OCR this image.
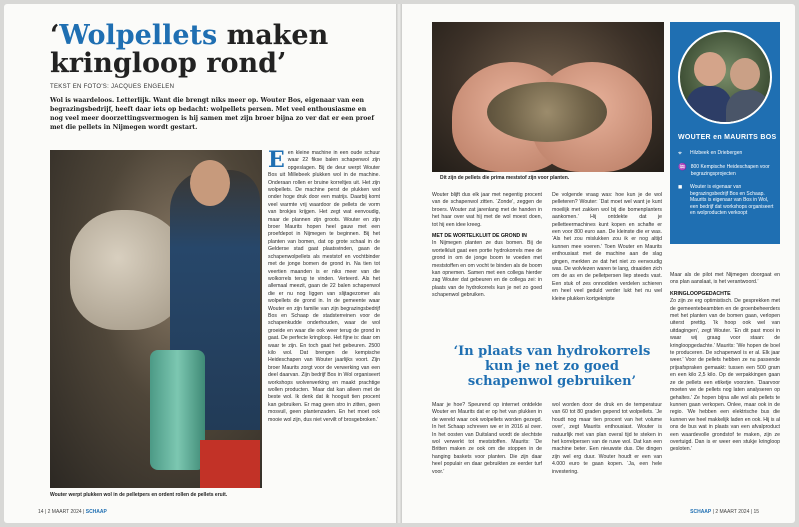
‘Wolpellets maken kringloop rond’
TEKST EN FOTO'S: JACQUES ENGELEN

Wol is waardeloos. Letterlijk. Want die brengt niks meer op. Wouter Bos, eigenaar van een begrazingsbedrijf, heeft daar iets op bedacht: wolpellets persen. Met veel enthousiasme en nog veel meer doorzettingsvermogen is hij samen met zijn broer bijna zo ver dat er een proef met die pellets in Nijmegen wordt gestart.

Wouter werpt plukken wol in de pelletpers en ordent rollen de pellets eruit.
Een kleine machine in een oude schuur waar 22 fikse balen schapenwol zijn opgeslagen. Bij de deur werpt Wouter Bos uit Millebeek plukken wol in de machine. Onderaan rollen er bruine korreltjes uit. Het zijn wolpellets. De machine perst de plukken wol onder hoge druk door een matrijs. Daarbij komt veel warmte vrij waardoor de pellets de vorm van brokjes krijgen. Het zegt wat eenvoudig, maar de plannen zijn groots. Wouter en zijn broer Maurits hopen heel gauw met een proefdepot in Nijmegen te beginnen. Bij het planten van bomen, dat op grote schaal in de Gelderse stad gaat plaatsvinden, gaan de schapenwolpellets als meststof en vochtbinder met de jonge bomen de grond in. Na tien tot veertien maanden is er niks meer van die wolkorrels terug te vinden. Verteerd. Als het allemaal meezit, gaan de 22 balen schapenwol die er nu nog liggen van slijtagezomer als wolpellets de grond in. In de gemeente waar Wouter en zijn familie van zijn begrazingsbedrijf Bos en Schaap de stadsterreinen voor de schapenkudde onderhouden, waar de wol groeide en waar die ook weer terug de grond in gaat. De perfecte kringloop. Het fijne is: daar om waar te zijn. En toch gaat het gebeuren. 2500 kilo wol. Dat brengen de kempische Heideschapen van Wouter jaarlijks voort. Zijn broer Maurits zorgt voor de verwerking van een deel daarvan. Zijn bedrijf Bos in Wol organiseert workshops wolverwerking en maakt prachtige wollen producten. ‘Maar dat kan alleen met de beste wol. Ik denk dat ik hooguit tien procent kan gebruiken. Er mag geen stro in zitten, geen mosvuil, geen plantenzaden. En het moet ook mooie wol zijn, dus niet vervilt of brosgebroken.’
14 | 2 MAART 2024 | SCHAAP
Dit zijn de pellets die prima meststof zijn voor planten.
WOUTER en MAURITS BOS
⌖	Hilzbeek en Driebergen
♒ 800 Kempische Heideschapen voor begrazingsprojecten
■	Wouter is eigenaar van begrazingsbedrijf Bos en Schaap. Maurits is eigenaar van Bos in Wol, een bedrijf dat workshops organiseert en wolproducten verkoopt

Wouter blijft dus elk jaar met negentig procent van de schapenwol zitten. ‘Zonde’, zeggen de broers. Wouter zat jarenlang met de handen in het haar over wat hij met de wol moest doen, tot hij een idee kreeg.

MET DE WORTELKLUIT DE GROND IN

In Nijmegen planten ze dus bomen. Bij de wortelkluit gaat een portie hydrokorrels mee de grond in om de jonge boom te voeden met meststoffen en om vocht te binden als de boom kan opnemen. Samen met een collega hierder zag Wouter dat gebeuren en de collega zei: in plaats van de hydrokorrels kun je net zo goed schapenwol gebruiken.

De volgende vraag was: hoe kun je de wol pelleteren? Wouter: ‘Dat moet wel want je kunt moeilijk met zakken wol bij die bomenplanters aankomen.’ Hij ontdekte dat je pelletteermachines kunt kopen en schafte er een voor 800 euro aan. De kleinste die er was. ‘Als het zou mislukken zou ik er nog altijd kunnen mee voeren.’ Toen Wouter en Maurits enthousiast met de machine aan de slag gingen, merkten ze dat het niet zo eenvoudig was. De wolvlezen waren te lang, draaiden zich om de as en de pelletpersen liep steeds vast. Een stuk of zes onnodiden verdelen schieren en heel veel geduld verder lukt het nu wel kleine plukken kortgeknipte

Maar als de pilot met Nijmegen doorgaat en ons plan aanslaat, is het verantwoord.’

KRINGLOOPGEDACHTE

Zo zijn ze erg optimistisch. De gesprekken met de gemeentebeambten en de groenbeheerders met het planten van de bomen gaan, verlopen uiterst prettig. ‘Ik hoop ook wel van uitdagingen’, zegt Wouter. ‘En dit past mooi in waar wij graag voor staan: de kringloopgedachte.’ Maurits: ‘We hopen de boel te produceren. De schapenwol is er al. Elk jaar weer.’ Voor de pellets hebben ze nu passende prijsafspraken gemaakt: tussen een 500 gram en een kilo 2,5 kilo. Op de verpakkingen gaan ze de pellets een etiketje voorzien. ‘Daarvoor moeten we de pellets nog laten analyseren op gehaltes.’ Ze hopen bijna alle wol als pellets te kunnen gaan verkopen. Onlee, maar ook in de regio. ‘We hebben een elektrische bus die kunnen we heel makkelijk laden en ook. Hij is al ons de bus wat in plaats van een afvalproduct een waardevolle grondstof te maken, zijn ze overtuigd. Dan is er weer een stukje kringloop gesloten.’

‘In plaats van hydrokorrels kun je net zo goed schapenwol gebruiken’

Maar je hoe? Speurend op internet ontdekte Wouter en Maurits dat er op het van plukken in de wereld waar ook wolpellets worden gezegd. In het Schaap schreven we er in 2016 al over. In het oosten van Duitsland wordt de slechtste wol verwerkt tot meststoffen. Maurits: ‘De Britten maken ze ook om die stoppen in de hanging baskets voor planten. Die zijn daar heel populair en daar gebruikten ze eerder turf voor.’

wol worden door de druk en de temperatuur van 60 tot 80 graden gepend tot wolpellets. ‘Je houdt nog maar tien procent van het volume over’, zegt Maurits enthousiast. Wouter is natuurlijk met van plan overal tijd te steken in het korrelpersen van de ruwe wol. Dat kan een machine beter. Een nieuwste dus. Die dingen zijn wel erg duur. Wouter houdt er een van 4.000 euro te gaan kopen. ‘Ja, een hele investering.

SCHAAP | 2 MAART 2024 | 15
